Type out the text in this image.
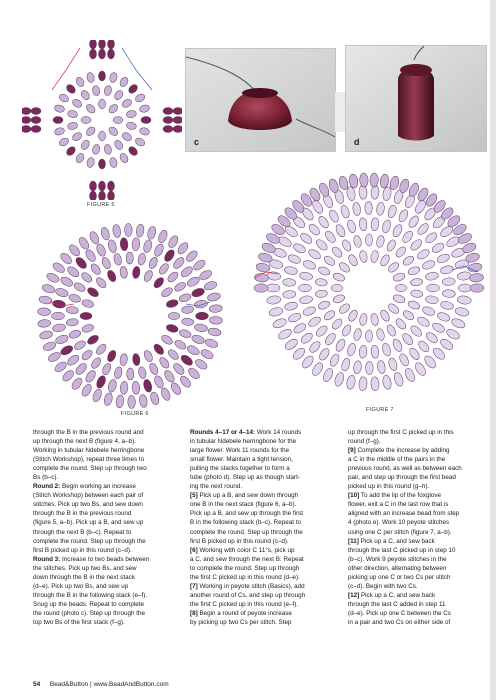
FIGURE 5
c	d
FIGURE 6
FIGURE 7

through the B in the previous round and

up through the next B (figure 4, a–b).

Working in tubular Ndebele herringbone

(Stitch Workshop), repeat three times to

complete the round. Step up through two

Bs (b–c).

Round 2: Begin working an increase

(Stitch Workshop) between each pair of

stitches. Pick up two Bs, and sew down

through the B in the previous round

(figure 5, a–b). Pick up a B, and sew up

through the next B (b–c). Repeat to

complete the round. Step up through the

first B picked up in this round (c–d).

Round 3: Increase to two beads between

the stitches. Pick up two Bs, and sew

down through the B in the next stack

(d–e). Pick up two Bs, and sew up

through the B in the following stack (e–f).

Snug up the beads. Repeat to complete

the round (photo c). Step up through the

top two Bs of the first stack (f–g).

Rounds 4–17 or 4–14: Work 14 rounds

in tubular Ndebele herringbone for the

large flower. Work 11 rounds for the

small flower. Maintain a tight tension,

pulling the stacks together to form a

tube (photo d). Step up as though start-

ing the next round.

[5] Pick up a B, and sew down through

one B in the next stack (figure 6, a–b).

Pick up a B, and sew up through the first

B in the following stack (b–c). Repeat to

complete the round. Step up through the

first B picked up in this round (c–d).

[6] Working with color C 11°s, pick up

a C, and sew through the next B. Repeat

to complete the round. Step up through

the first C picked up in this round (d–e).

[7] Working in peyote stitch (Basics), add

another round of Cs, and step up through

the first C picked up in this round (e–f).

[8] Begin a round of peyote increase

by picking up two Cs per stitch. Step

up through the first C picked up in this

round (f–g).

[9] Complete the increase by adding

a C in the middle of the pairs in the

previous round, as well as between each

pair, and step up through the first bead

picked up in this round (g–h).

[10] To add the lip of the foxglove

flower, exit a C in the last row that is

aligned with an increase bead from step

4 (photo e). Work 10 peyote stitches

using one C per stitch (figure 7, a–b).

[11] Pick up a C, and sew back

through the last C picked up in step 10

(b–c). Work 9 peyote stitches in the

other direction, alternating between

picking up one C or two Cs per stitch

(c–d). Begin with two Cs.

[12] Pick up a C, and sew back

through the last C added in step 11

(d–e). Pick up one C between the Cs

in a pair and two Cs on either side of

54 Bead&Button | www.BeadAndButton.com
